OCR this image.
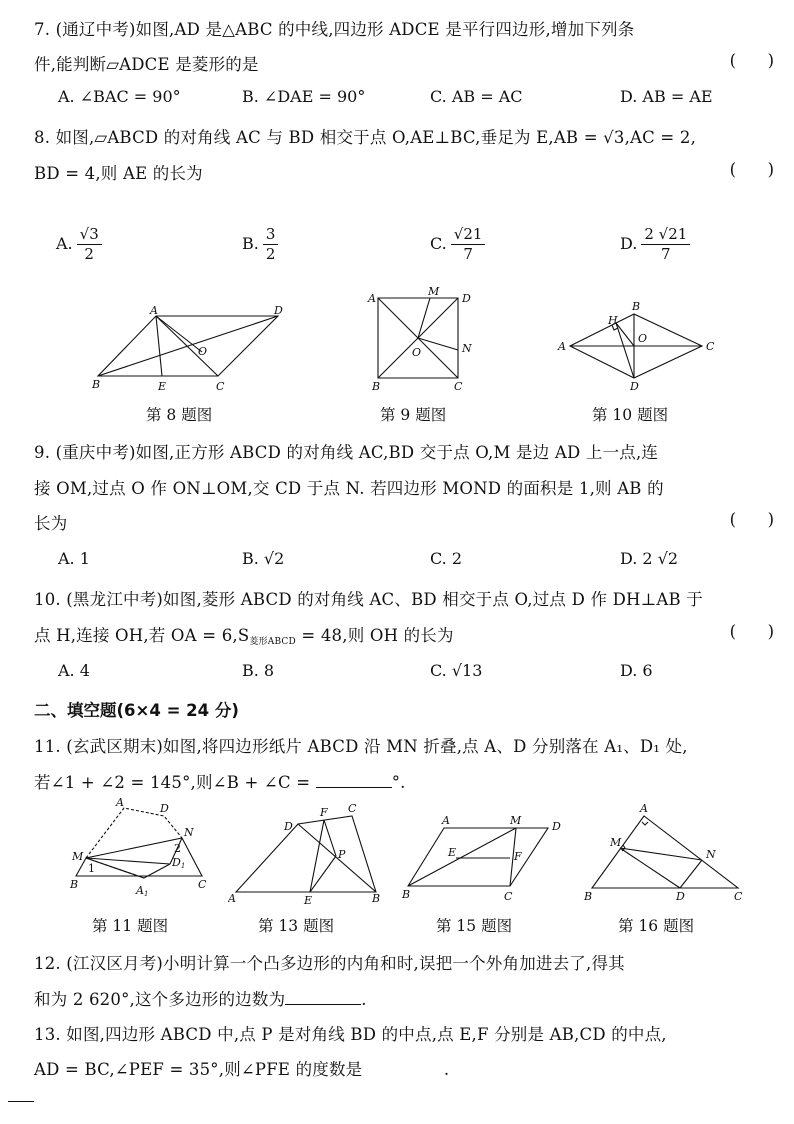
7. (通辽中考)如图,AD 是△ABC 的中线,四边形 ADCE 是平行四边形,增加下列条
件,能判断▱ADCE 是菱形的是	(      )
A. ∠BAC = 90°	B. ∠DAE = 90°	C. AB = AC	D. AB = AE
8. 如图,▱ABCD 的对角线 AC 与 BD 相交于点 O,AE⊥BC,垂足为 E,AB = √3,AC = 2,
BD = 4,则 AE 的长为	(      )
A. $\frac{√3}{2}$	B. $\frac{3}{2}$	C. $\frac{√21}{7}$	D. $\frac{2 √21}{7}$
A	D
B	E	C
O
第 8 题图
A
M
D
N
O
B	C
第 9 题图
A
B
C
D
H
O
第 10 题图
9. (重庆中考)如图,正方形 ABCD 的对角线 AC,BD 交于点 O,M 是边 AD 上一点,连
接 OM,过点 O 作 ON⊥OM,交 CD 于点 N. 若四边形 MOND 的面积是 1,则 AB 的
长为	(      )
A. 1	B. √2	C. 2	D. 2 √2
10. (黑龙江中考)如图,菱形 ABCD 的对角线 AC、BD 相交于点 O,过点 D 作 DH⊥AB 于
点 H,连接 OH,若 OA = $6,S_{菱形ABCD} = 48$,则 OH 的长为	(      )
A. 4	B. 8	C. √13	D. 6
二、填空题(6×4 = 24 分)
11. (玄武区期末)如图,将四边形纸片 ABCD 沿 MN 折叠,点 A、D 分别落在 A₁、D₁ 处,
若∠1 + ∠2 = 145°,则∠B + ∠C =	°.
A	D
N
M
1
2
D1
B	A1
C
第 11 题图
D
F C
P
A	E	B
第 13 题图
A	M	D
E	F
B	C
第 15 题图
A
M
N
B	D	C
第 16 题图
12. (江汉区月考)小明计算一个凸多边形的内角和时,误把一个外角加进去了,得其
和为 2 620°,这个多边形的边数为	.
13. 如图,四边形 ABCD 中,点 P 是对角线 BD 的中点,点 E,F 分别是 AB,CD 的中点,
AD = BC,∠PEF = 35°,则∠PFE 的度数是	.
